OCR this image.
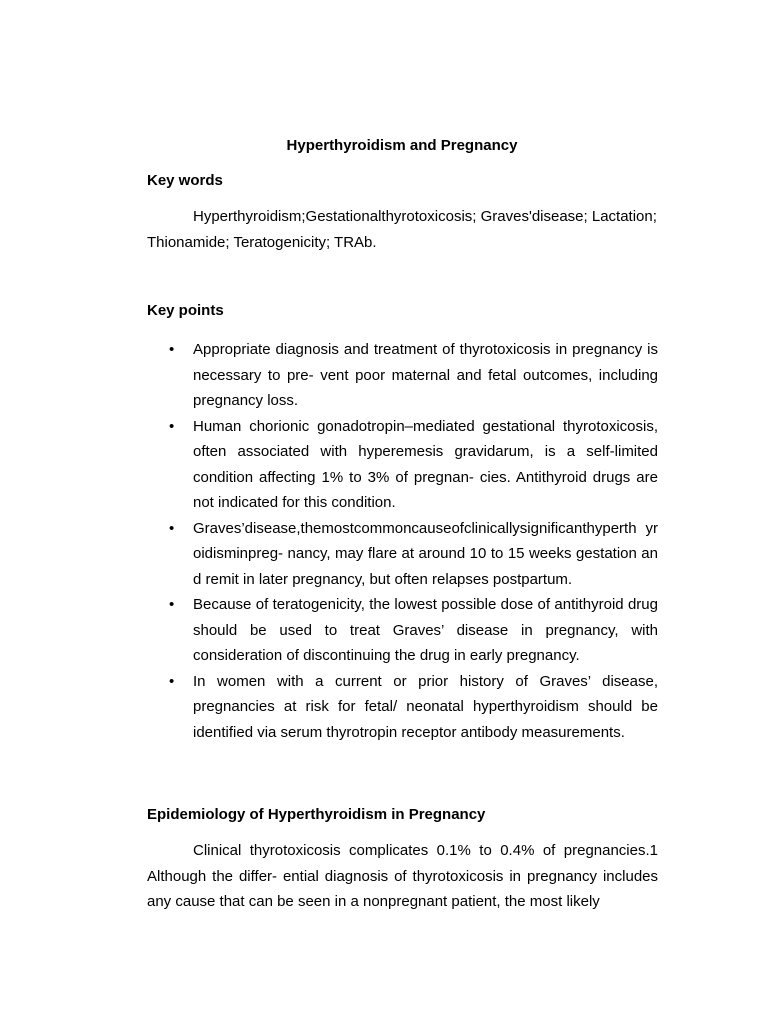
Hyperthyroidism and Pregnancy
Key words

Hyperthyroidism;Gestationalthyrotoxicosis; Graves'disease; Lactation; Thionamide; Teratogenicity; TRAb.

Key points
•	Appropriate diagnosis and treatment of thyrotoxicosis in pregnancy is necessary to pre- vent poor maternal and fetal outcomes, including pregnancy loss.
•	Human chorionic gonadotropin–mediated gestational thyrotoxicosis, often associated with hyperemesis gravidarum, is a self-limited condition affecting 1% to 3% of pregnan- cies. Antithyroid drugs are not indicated for this condition.
•	Graves’disease,themostcommoncauseofclinicallysignificanthyperth yroidisminpreg- nancy, may flare at around 10 to 15 weeks gestation and remit in later pregnancy, but often relapses postpartum.
•	Because of teratogenicity, the lowest possible dose of antithyroid drug should be used to treat Graves’ disease in pregnancy, with consideration of discontinuing the drug in early pregnancy.
•	In women with a current or prior history of Graves’ disease, pregnancies at risk for fetal/ neonatal hyperthyroidism should be identified via serum thyrotropin receptor antibody measurements.
Epidemiology of Hyperthyroidism in Pregnancy

Clinical thyrotoxicosis complicates 0.1% to 0.4% of pregnancies.1 Although the differ- ential diagnosis of thyrotoxicosis in pregnancy includes any cause that can be seen in a nonpregnant patient, the most likely
